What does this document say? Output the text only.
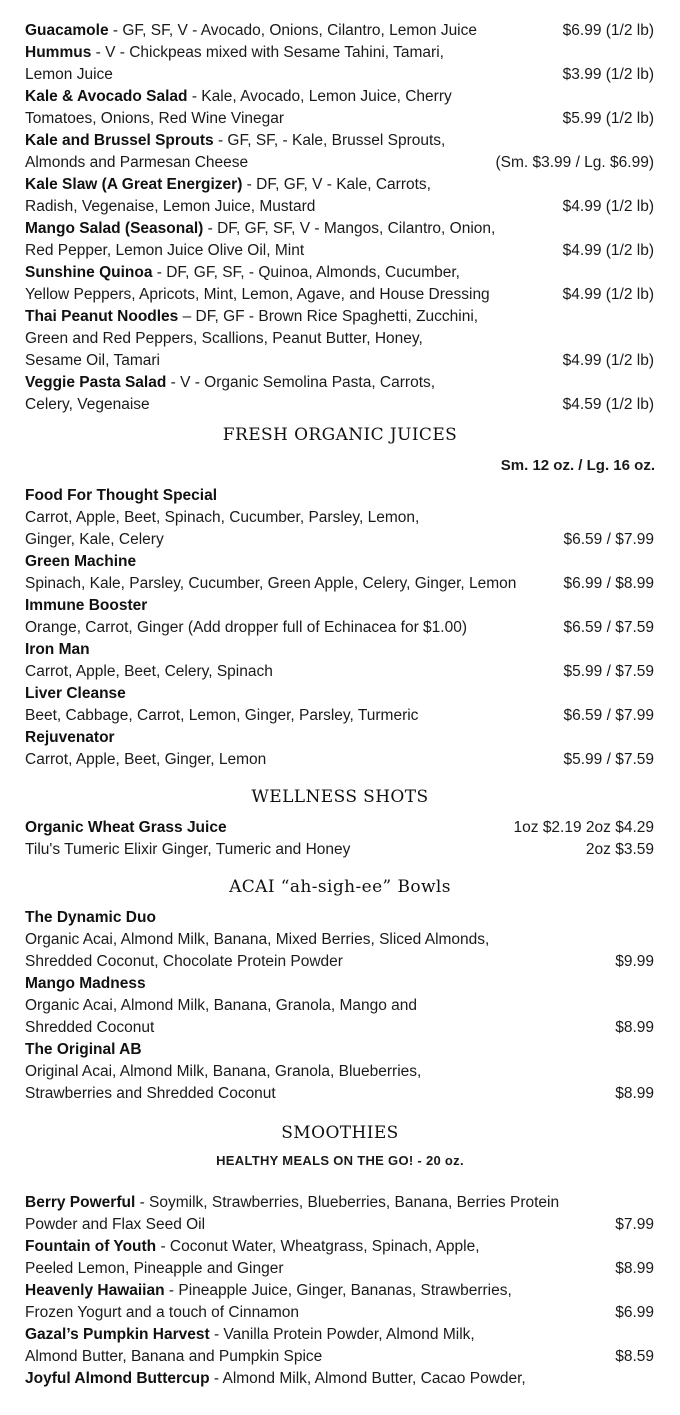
Guacamole - GF, SF, V - Avocado, Onions, Cilantro, Lemon Juice	$6.99 (1/2 lb)
Hummus - V - Chickpeas mixed with Sesame Tahini, Tamari,
Lemon Juice	$3.99 (1/2 lb)
Kale & Avocado Salad - Kale, Avocado, Lemon Juice, Cherry
Tomatoes, Onions, Red Wine Vinegar	$5.99 (1/2 lb)
Kale and Brussel Sprouts - GF, SF, - Kale, Brussel Sprouts,
Almonds and Parmesan Cheese	(Sm. $3.99 / Lg. $6.99)
Kale Slaw (A Great Energizer) - DF, GF, V - Kale, Carrots,
Radish, Vegenaise, Lemon Juice, Mustard	$4.99 (1/2 lb)
Mango Salad (Seasonal) - DF, GF, SF, V - Mangos, Cilantro, Onion,
Red Pepper, Lemon Juice Olive Oil, Mint	$4.99 (1/2 lb)
Sunshine Quinoa - DF, GF, SF, - Quinoa, Almonds, Cucumber,
Yellow Peppers, Apricots, Mint, Lemon, Agave, and House Dressing	$4.99 (1/2 lb)
Thai Peanut Noodles – DF, GF - Brown Rice Spaghetti, Zucchini,
Green and Red Peppers, Scallions, Peanut Butter, Honey,
Sesame Oil, Tamari	$4.99 (1/2 lb)
Veggie Pasta Salad - V - Organic Semolina Pasta, Carrots,
Celery, Vegenaise	$4.59 (1/2 lb)
FRESH ORGANIC JUICES
Sm. 12 oz. / Lg. 16 oz.
Food For Thought Special
Carrot, Apple, Beet, Spinach, Cucumber, Parsley, Lemon,
Ginger, Kale, Celery	$6.59 / $7.99
Green Machine
Spinach, Kale, Parsley, Cucumber, Green Apple, Celery, Ginger, Lemon	$6.99 / $8.99
Immune Booster
Orange, Carrot, Ginger (Add dropper full of Echinacea for $1.00)	$6.59 / $7.59
Iron Man
Carrot, Apple, Beet, Celery, Spinach	$5.99 / $7.59
Liver Cleanse
Beet, Cabbage, Carrot, Lemon, Ginger, Parsley, Turmeric	$6.59 / $7.99
Rejuvenator
Carrot, Apple, Beet, Ginger, Lemon	$5.99 / $7.59
WELLNESS SHOTS
Organic Wheat Grass Juice	1oz $2.19 2oz $4.29
Tilu's Tumeric Elixir Ginger, Tumeric and Honey	2oz $3.59
ACAI “ah-sigh-ee” Bowls
The Dynamic Duo
Organic Acai, Almond Milk, Banana, Mixed Berries, Sliced Almonds,
Shredded Coconut, Chocolate Protein Powder	$9.99
Mango Madness
Organic Acai, Almond Milk, Banana, Granola, Mango and
Shredded Coconut	$8.99
The Original AB
Original Acai, Almond Milk, Banana, Granola, Blueberries,
Strawberries and Shredded Coconut	$8.99
SMOOTHIES
HEALTHY MEALS ON THE GO! - 20 oz.
Berry Powerful - Soymilk, Strawberries, Blueberries, Banana, Berries Protein
Powder and Flax Seed Oil	$7.99
Fountain of Youth - Coconut Water, Wheatgrass, Spinach, Apple,
Peeled Lemon, Pineapple and Ginger	$8.99
Heavenly Hawaiian - Pineapple Juice, Ginger, Bananas, Strawberries,
Frozen Yogurt and a touch of Cinnamon	$6.99
Gazal’s Pumpkin Harvest - Vanilla Protein Powder, Almond Milk,
Almond Butter, Banana and Pumpkin Spice	$8.59
Joyful Almond Buttercup - Almond Milk, Almond Butter, Cacao Powder,
